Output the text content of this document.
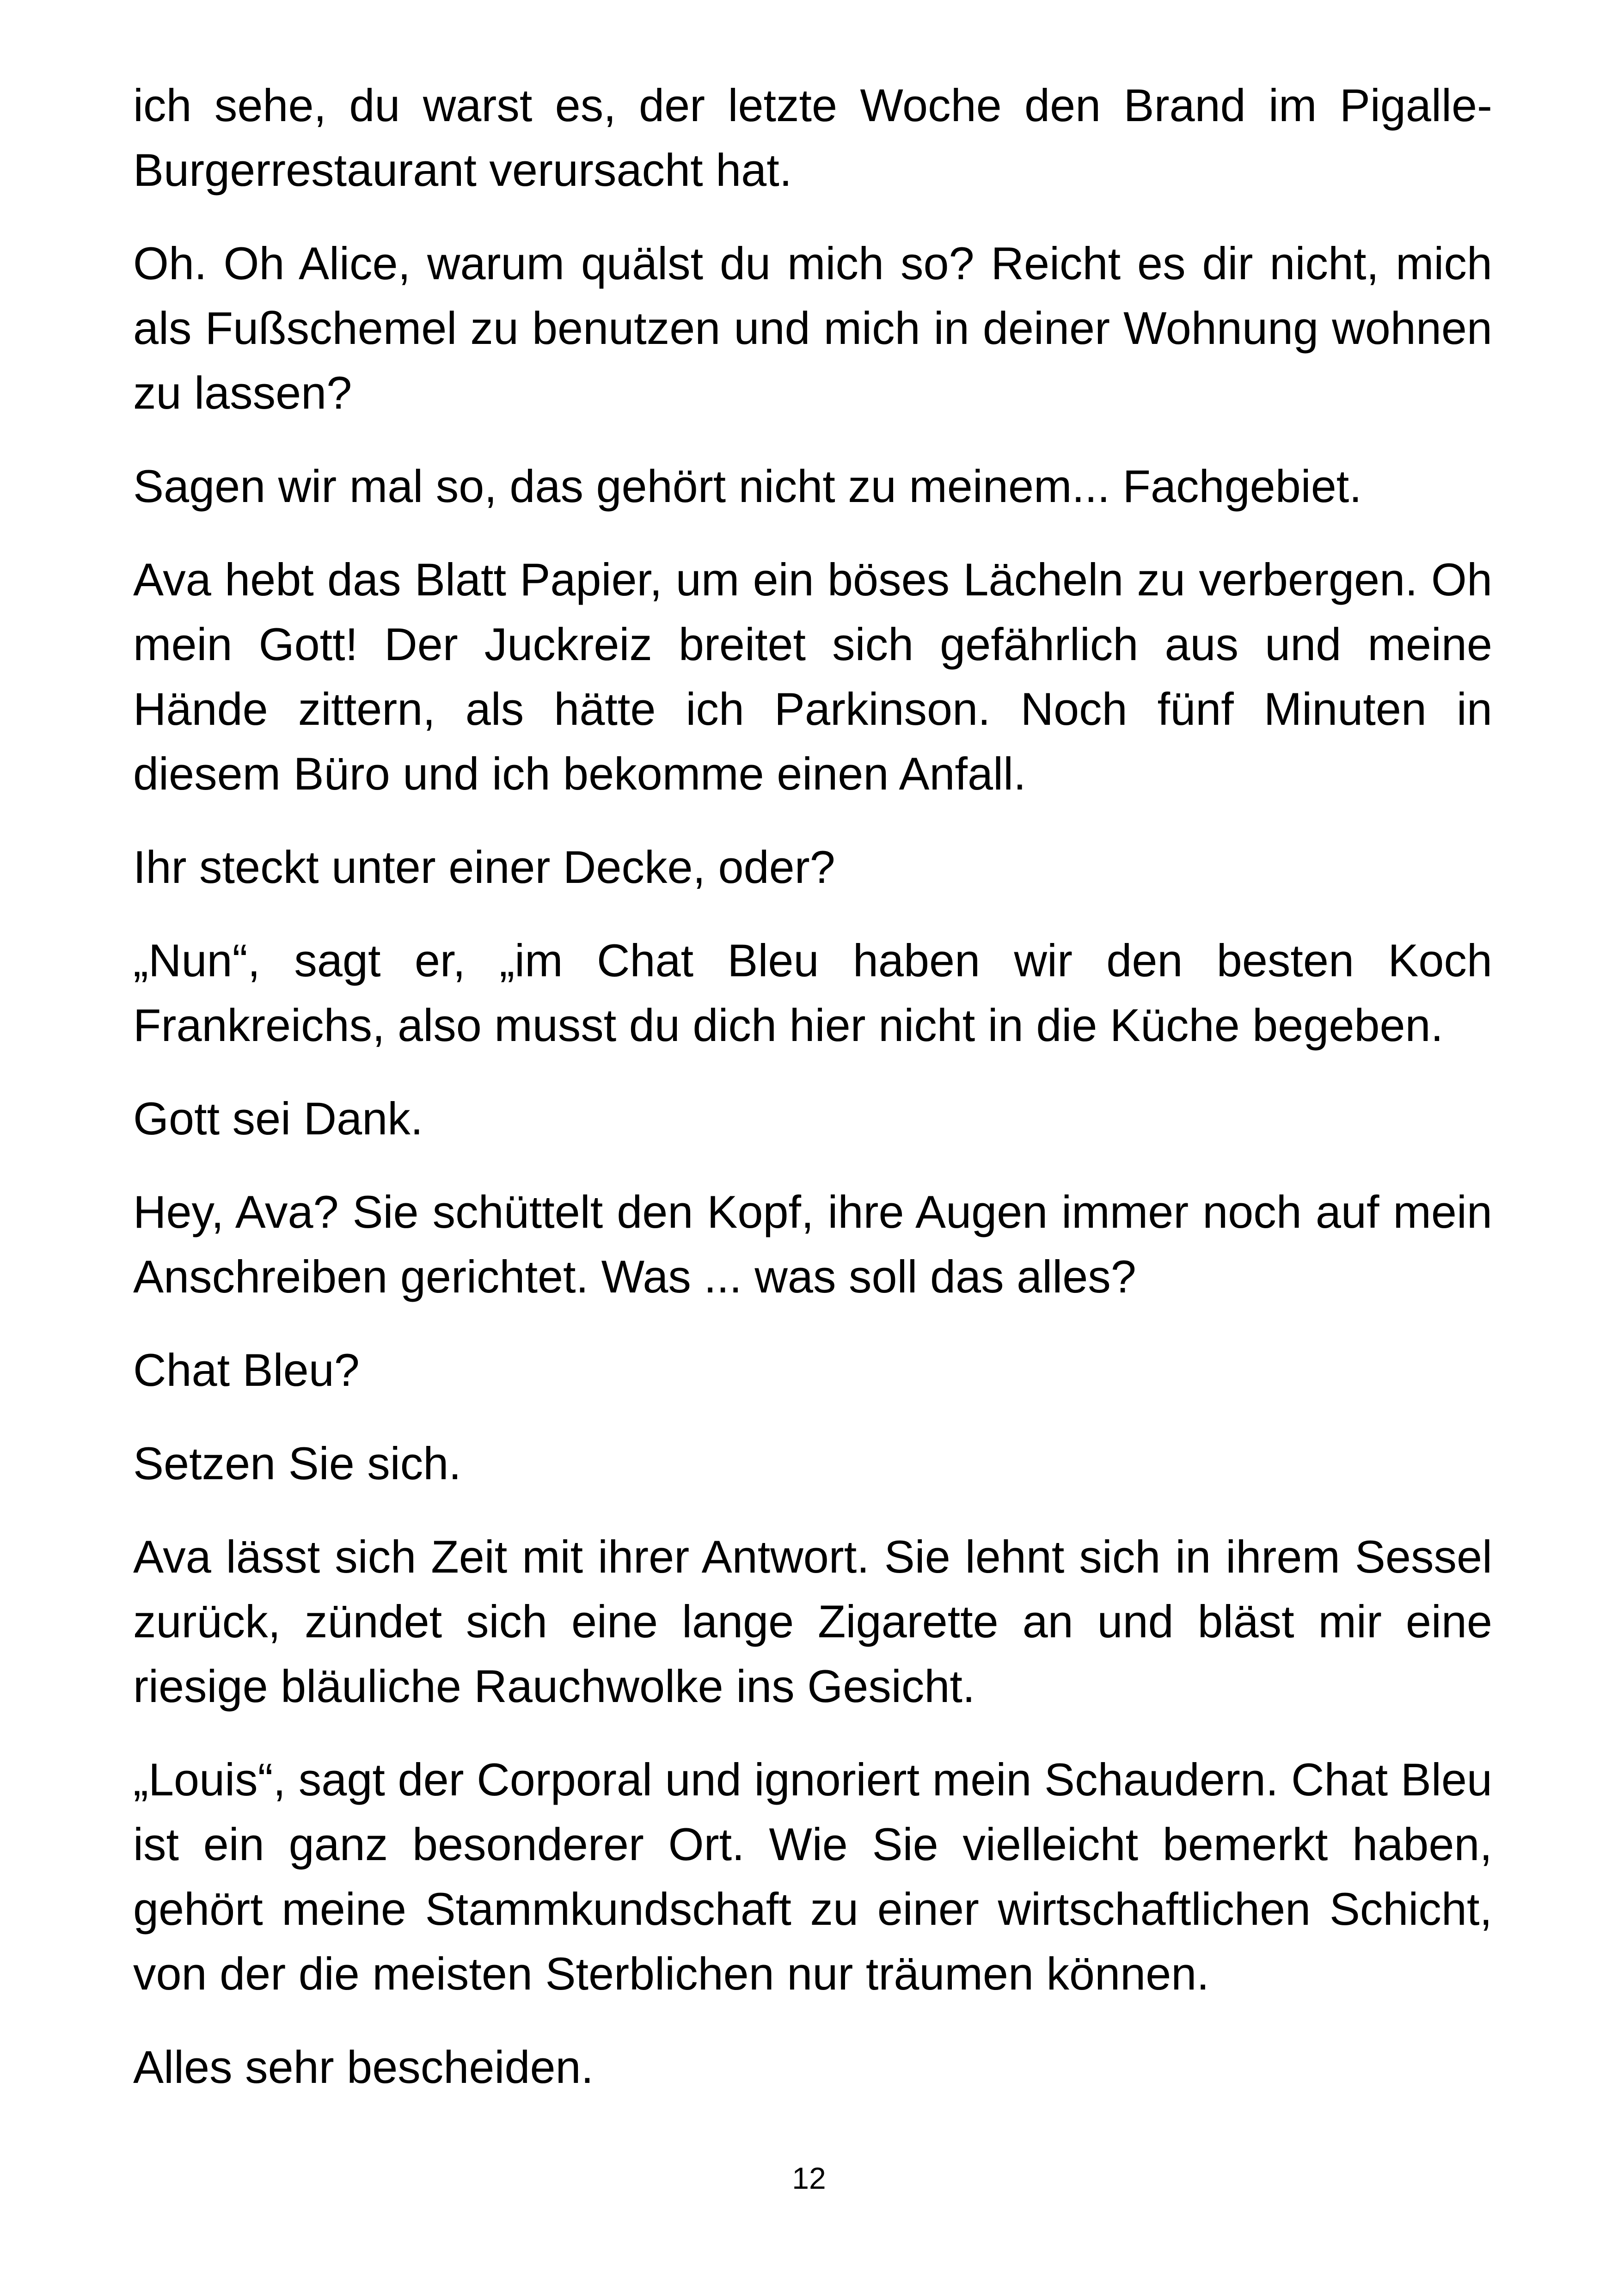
ich sehe, du warst es, der letzte Woche den Brand im Pigalle-Burgerrestaurant verursacht hat.

Oh. Oh Alice, warum quälst du mich so? Reicht es dir nicht, mich als Fußschemel zu benutzen und mich in deiner Wohnung wohnen zu lassen?

Sagen wir mal so, das gehört nicht zu meinem... Fachgebiet.

Ava hebt das Blatt Papier, um ein böses Lächeln zu verbergen. Oh mein Gott! Der Juckreiz breitet sich gefährlich aus und meine Hände zittern, als hätte ich Parkinson. Noch fünf Minuten in diesem Büro und ich bekomme einen Anfall.

Ihr steckt unter einer Decke, oder?

„Nun“, sagt er, „im Chat Bleu haben wir den besten Koch Frankreichs, also musst du dich hier nicht in die Küche begeben.

Gott sei Dank.

Hey, Ava? Sie schüttelt den Kopf, ihre Augen immer noch auf mein Anschreiben gerichtet. Was ... was soll das alles?

Chat Bleu?

Setzen Sie sich.

Ava lässt sich Zeit mit ihrer Antwort. Sie lehnt sich in ihrem Sessel zurück, zündet sich eine lange Zigarette an und bläst mir eine riesige bläuliche Rauchwolke ins Gesicht.

„Louis“, sagt der Corporal und ignoriert mein Schaudern. Chat Bleu ist ein ganz besonderer Ort. Wie Sie vielleicht bemerkt haben, gehört meine Stammkundschaft zu einer wirtschaftlichen Schicht, von der die meisten Sterblichen nur träumen können.

Alles sehr bescheiden.

12
